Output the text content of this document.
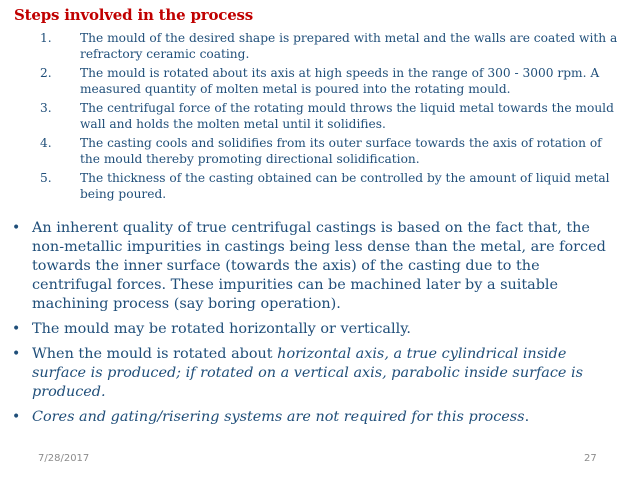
Steps involved in the process
1.	The mould of the desired shape is prepared with metal and the walls are coated with a refractory ceramic coating.
2.	The mould is rotated about its axis at high speeds in the range of 300 - 3000 rpm. A measured quantity of molten metal is poured into the rotating mould.
3.	The centrifugal force of the rotating mould throws the liquid metal towards the mould wall and holds the molten metal until it solidifies.
4.	The casting cools and solidifies from its outer surface towards the axis of rotation of the mould thereby promoting directional solidification.
5.	The thickness of the casting obtained can be controlled by the amount of liquid metal being poured.
• An inherent quality of true centrifugal castings is based on the fact that, the non-metallic impurities in castings being less dense than the metal, are forced towards the inner surface (towards the axis) of the casting due to the centrifugal forces. These impurities can be machined later by a suitable machining process (say boring operation).
• The mould may be rotated horizontally or vertically.
• When the mould is rotated about horizontal axis, a true cylindrical inside surface is produced; if rotated on a vertical axis, parabolic inside surface is produced.
• Cores and gating/risering systems are not required for this process.
7/28/2017	27
